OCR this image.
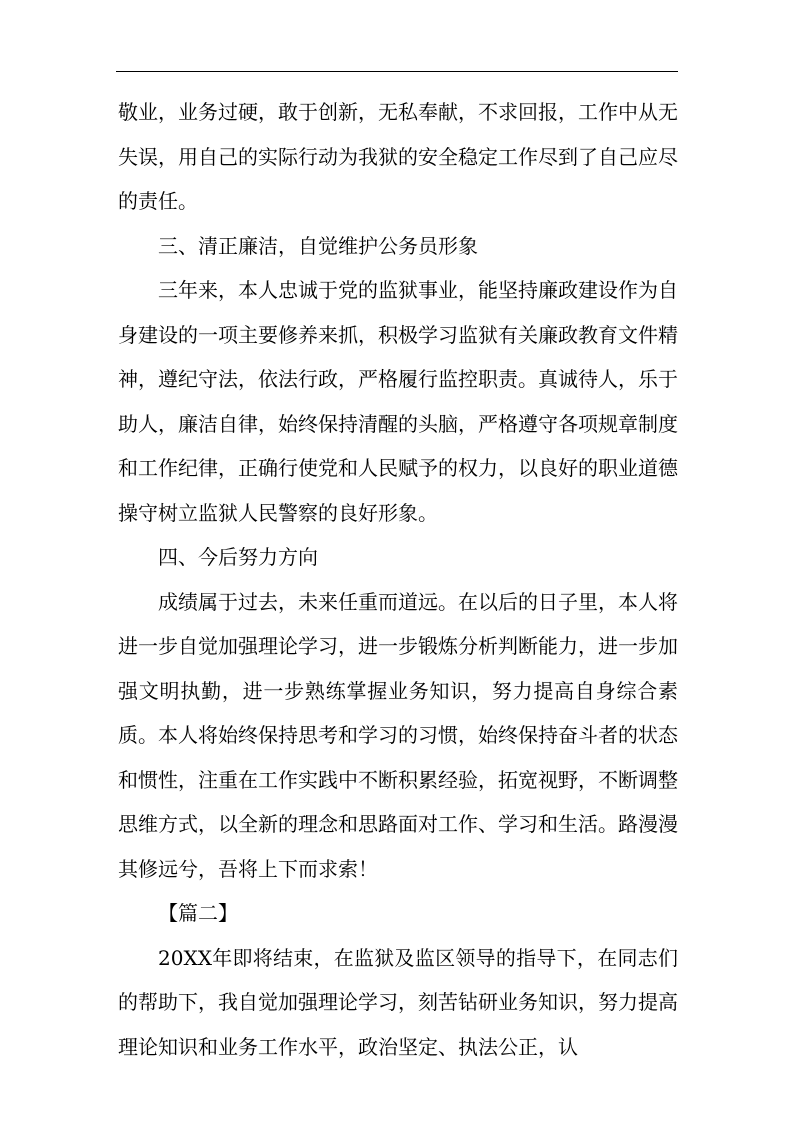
敬业，业务过硬，敢于创新，无私奉献，不求回报，工作中从无失误，用自己的实际行动为我狱的安全稳定工作尽到了自己应尽的责任。

三、清正廉洁，自觉维护公务员形象

三年来，本人忠诚于党的监狱事业，能坚持廉政建设作为自身建设的一项主要修养来抓，积极学习监狱有关廉政教育文件精神，遵纪守法，依法行政，严格履行监控职责。真诚待人，乐于助人，廉洁自律，始终保持清醒的头脑，严格遵守各项规章制度和工作纪律，正确行使党和人民赋予的权力，以良好的职业道德操守树立监狱人民警察的良好形象。

四、今后努力方向

成绩属于过去，未来任重而道远。在以后的日子里，本人将进一步自觉加强理论学习，进一步锻炼分析判断能力，进一步加强文明执勤，进一步熟练掌握业务知识，努力提高自身综合素质。本人将始终保持思考和学习的习惯，始终保持奋斗者的状态和惯性，注重在工作实践中不断积累经验，拓宽视野，不断调整思维方式，以全新的理念和思路面对工作、学习和生活。路漫漫其修远兮，吾将上下而求索！

【篇二】

20XX年即将结束，在监狱及监区领导的指导下，在同志们的帮助下，我自觉加强理论学习，刻苦钻研业务知识，努力提高理论知识和业务工作水平，政治坚定、执法公正，认
